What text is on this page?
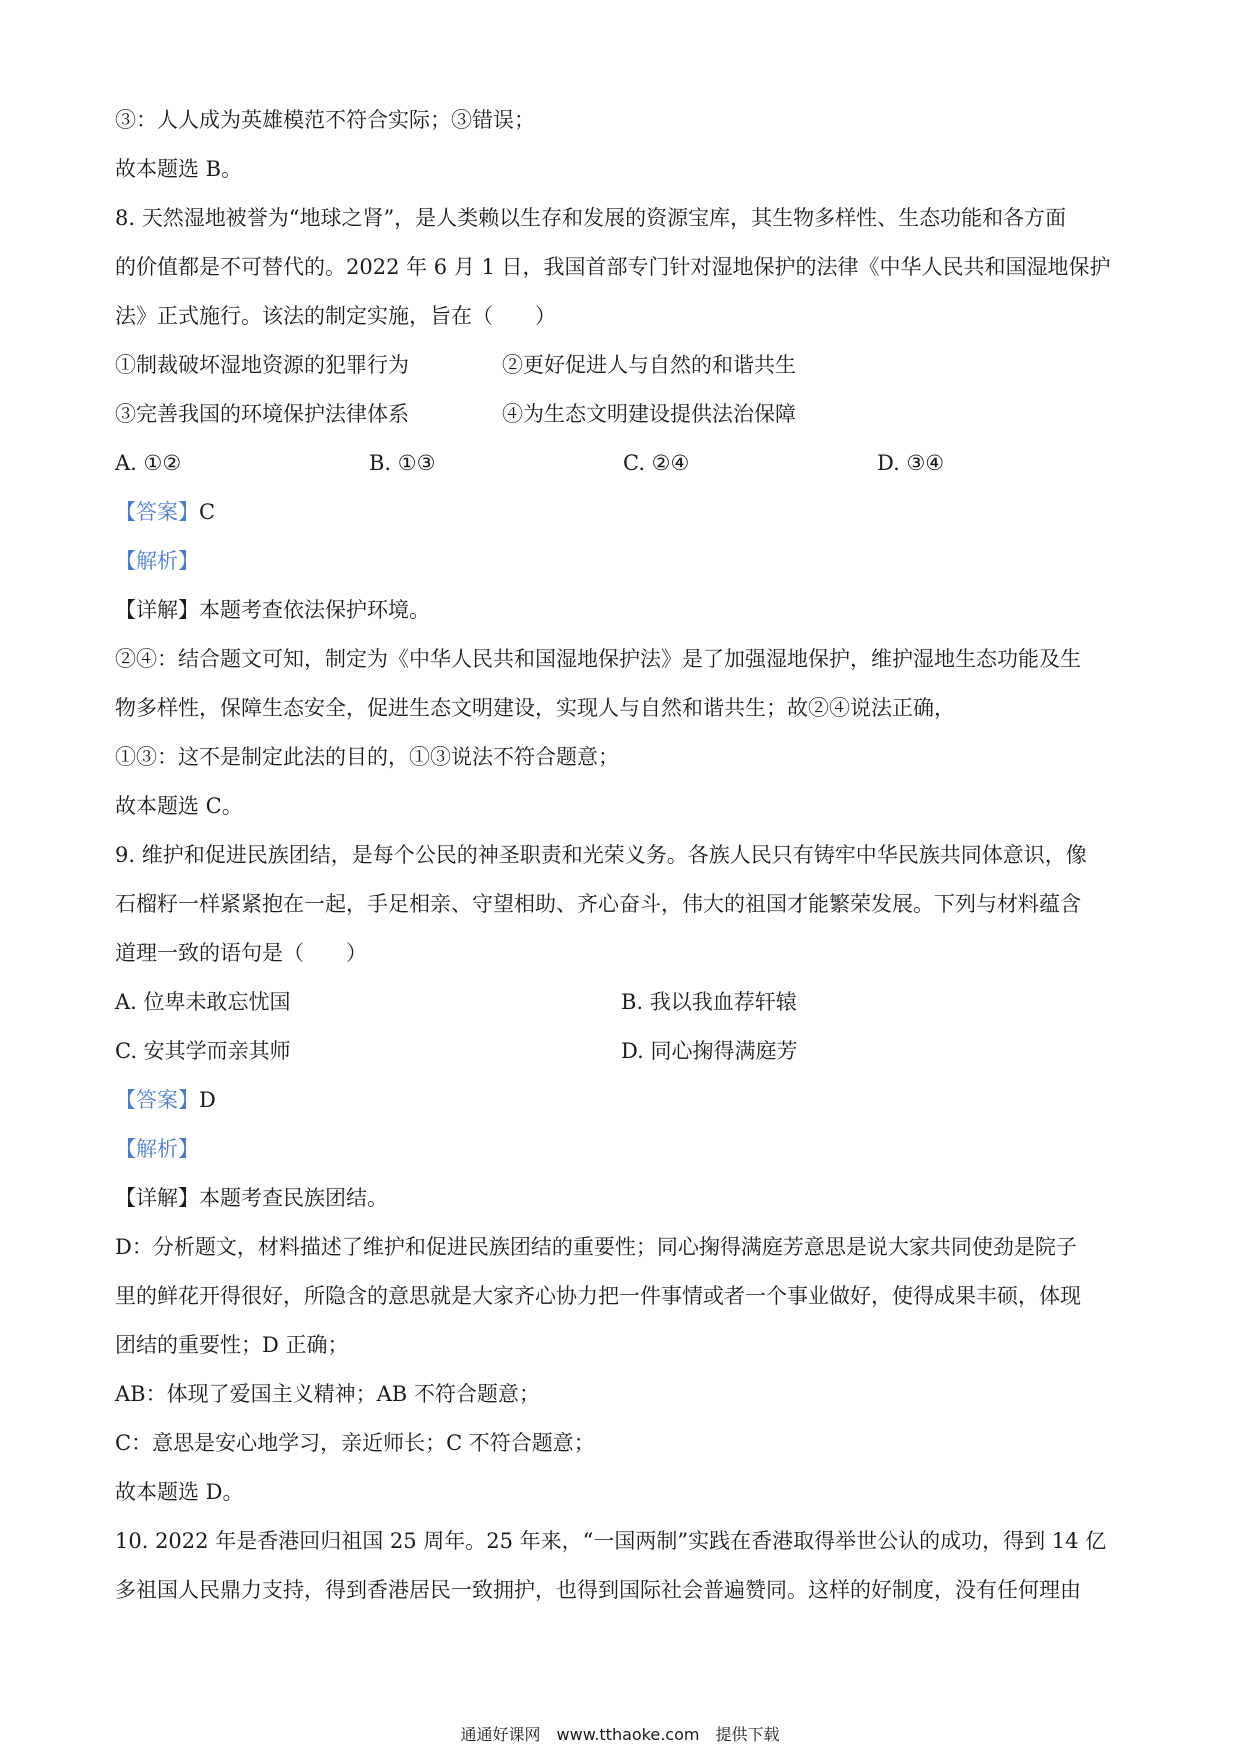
③：人人成为英雄模范不符合实际；③错误；
故本题选 B。
8. 天然湿地被誉为“地球之肾”，是人类赖以生存和发展的资源宝库，其生物多样性、生态功能和各方面
的价值都是不可替代的。2022 年 6 月 1 日，我国首部专门针对湿地保护的法律《中华人民共和国湿地保护
法》正式施行。该法的制定实施，旨在（　　）
①制裁破坏湿地资源的犯罪行为	②更好促进人与自然的和谐共生
③完善我国的环境保护法律体系	④为生态文明建设提供法治保障
A. ①②	B. ①③	C. ②④	D. ③④
【答案】C
【解析】
【详解】本题考查依法保护环境。
②④：结合题文可知，制定为《中华人民共和国湿地保护法》是了加强湿地保护，维护湿地生态功能及生
物多样性，保障生态安全，促进生态文明建设，实现人与自然和谐共生；故②④说法正确，
①③：这不是制定此法的目的，①③说法不符合题意；
故本题选 C。
9. 维护和促进民族团结，是每个公民的神圣职责和光荣义务。各族人民只有铸牢中华民族共同体意识，像
石榴籽一样紧紧抱在一起，手足相亲、守望相助、齐心奋斗，伟大的祖国才能繁荣发展。下列与材料蕴含
道理一致的语句是（　　）
A. 位卑未敢忘忧国	B. 我以我血荐轩辕
C. 安其学而亲其师	D. 同心掬得满庭芳
【答案】D
【解析】
【详解】本题考查民族团结。
D：分析题文，材料描述了维护和促进民族团结的重要性；同心掬得满庭芳意思是说大家共同使劲是院子
里的鲜花开得很好，所隐含的意思就是大家齐心协力把一件事情或者一个事业做好，使得成果丰硕，体现
团结的重要性；D 正确；
AB：体现了爱国主义精神；AB 不符合题意；
C：意思是安心地学习，亲近师长；C 不符合题意；
故本题选 D。
10. 2022 年是香港回归祖国 25 周年。25 年来，“一国两制”实践在香港取得举世公认的成功，得到 14 亿
多祖国人民鼎力支持，得到香港居民一致拥护，也得到国际社会普遍赞同。这样的好制度，没有任何理由
通通好课网　www.tthaoke.com　提供下载
